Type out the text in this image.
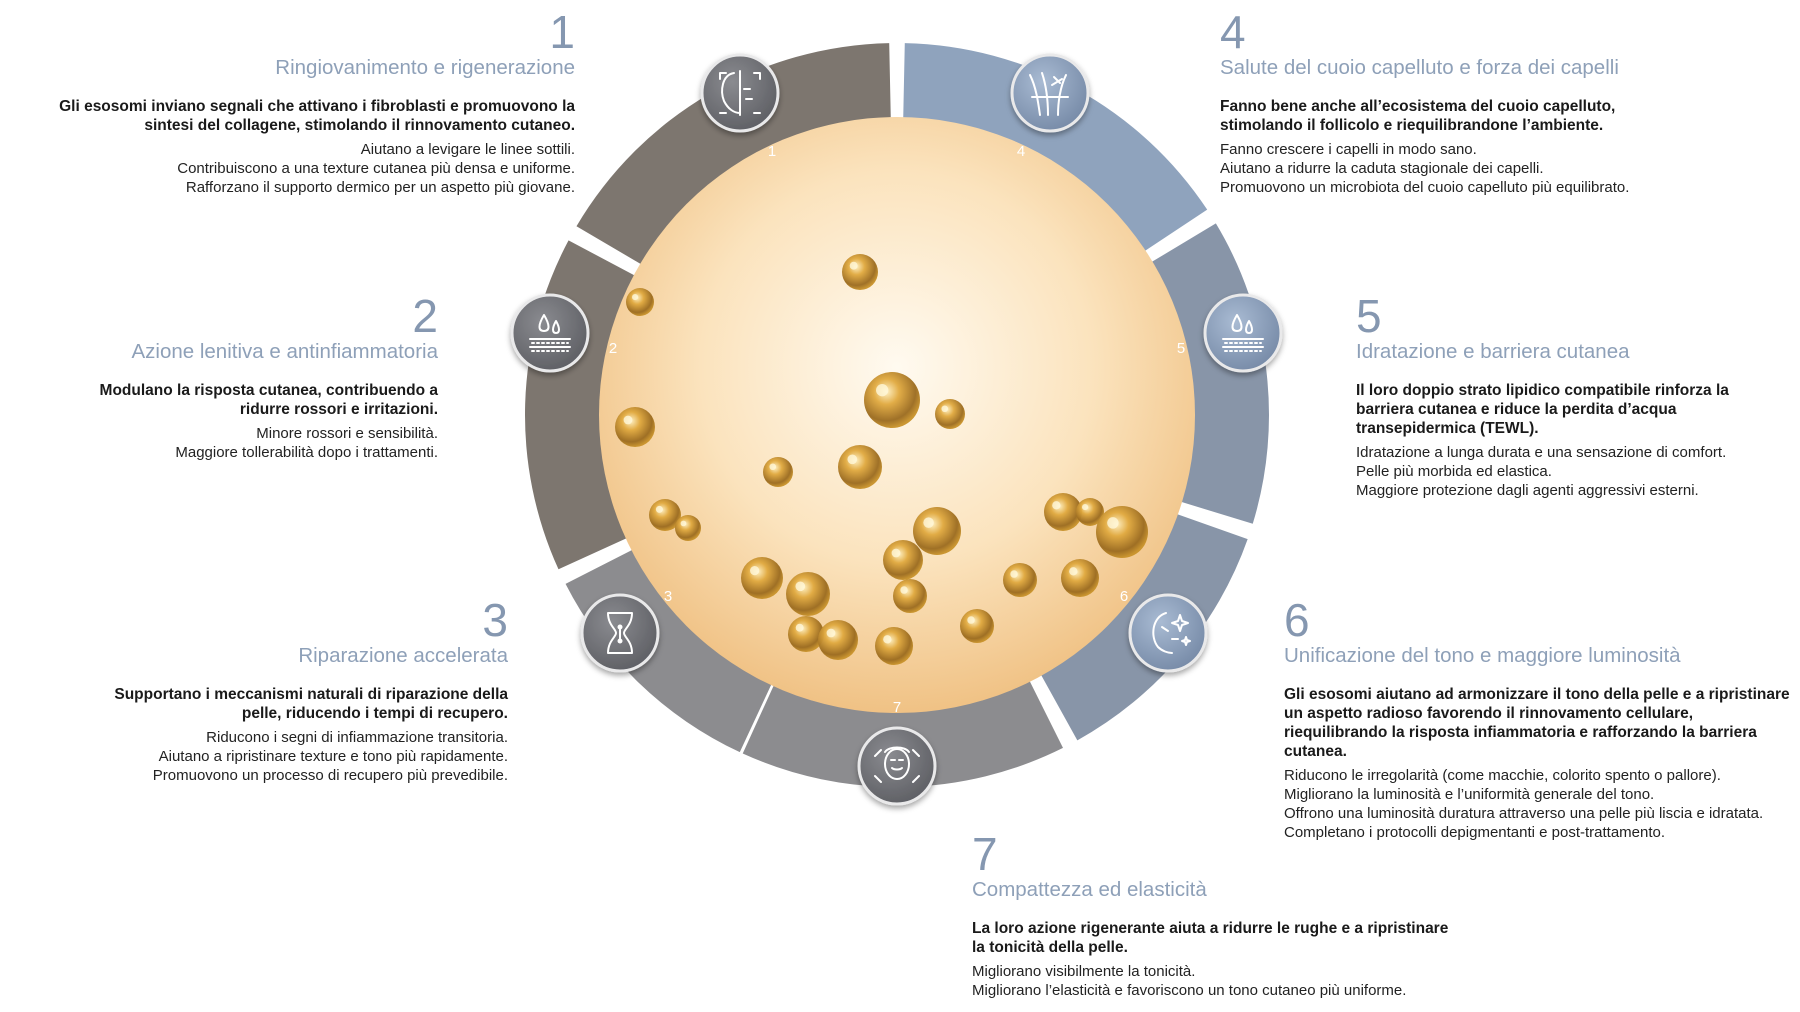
1
2
3
4
5
6
7
1
Ringiovanimento e rigenerazione
Gli esosomi inviano segnali che attivano i fibroblasti e promuovono la sintesi del collagene, stimolando il rinnovamento cutaneo.
Aiutano a levigare le linee sottili.
Contribuiscono a una texture cutanea più densa e uniforme.
Rafforzano il supporto dermico per un aspetto più giovane.
2
Azione lenitiva e antinfiammatoria
Modulano la risposta cutanea, contribuendo a ridurre rossori e irritazioni.
Minore rossori e sensibilità.
Maggiore tollerabilità dopo i trattamenti.
3
Riparazione accelerata
Supportano i meccanismi naturali di riparazione della pelle, riducendo i tempi di recupero.
Riducono i segni di infiammazione transitoria.
Aiutano a ripristinare texture e tono più rapidamente.
Promuovono un processo di recupero più prevedibile.
4
Salute del cuoio capelluto e forza dei capelli
Fanno bene anche all’ecosistema del cuoio capelluto, stimolando il follicolo e riequilibrandone l’ambiente.
Fanno crescere i capelli in modo sano.
Aiutano a ridurre la caduta stagionale dei capelli.
Promuovono un microbiota del cuoio capelluto più equilibrato.
5
Idratazione e barriera cutanea
Il loro doppio strato lipidico compatibile rinforza la barriera cutanea e riduce la perdita d’acqua transepidermica (TEWL).
Idratazione a lunga durata e una sensazione di comfort.
Pelle più morbida ed elastica.
Maggiore protezione dagli agenti aggressivi esterni.
6
Unificazione del tono e maggiore luminosità
Gli esosomi aiutano ad armonizzare il tono della pelle e a ripristinare un aspetto radioso favorendo il rinnovamento cellulare, riequilibrando la risposta infiammatoria e rafforzando la barriera cutanea.
Riducono le irregolarità (come macchie, colorito spento o pallore).
Migliorano la luminosità e l’uniformità generale del tono.
Offrono una luminosità duratura attraverso una pelle più liscia e idratata.
Completano i protocolli depigmentanti e post-trattamento.
7
Compattezza ed elasticità
La loro azione rigenerante aiuta a ridurre le rughe e a ripristinare la tonicità della pelle.
Migliorano visibilmente la tonicità.
Migliorano l’elasticità e favoriscono un tono cutaneo più uniforme.
